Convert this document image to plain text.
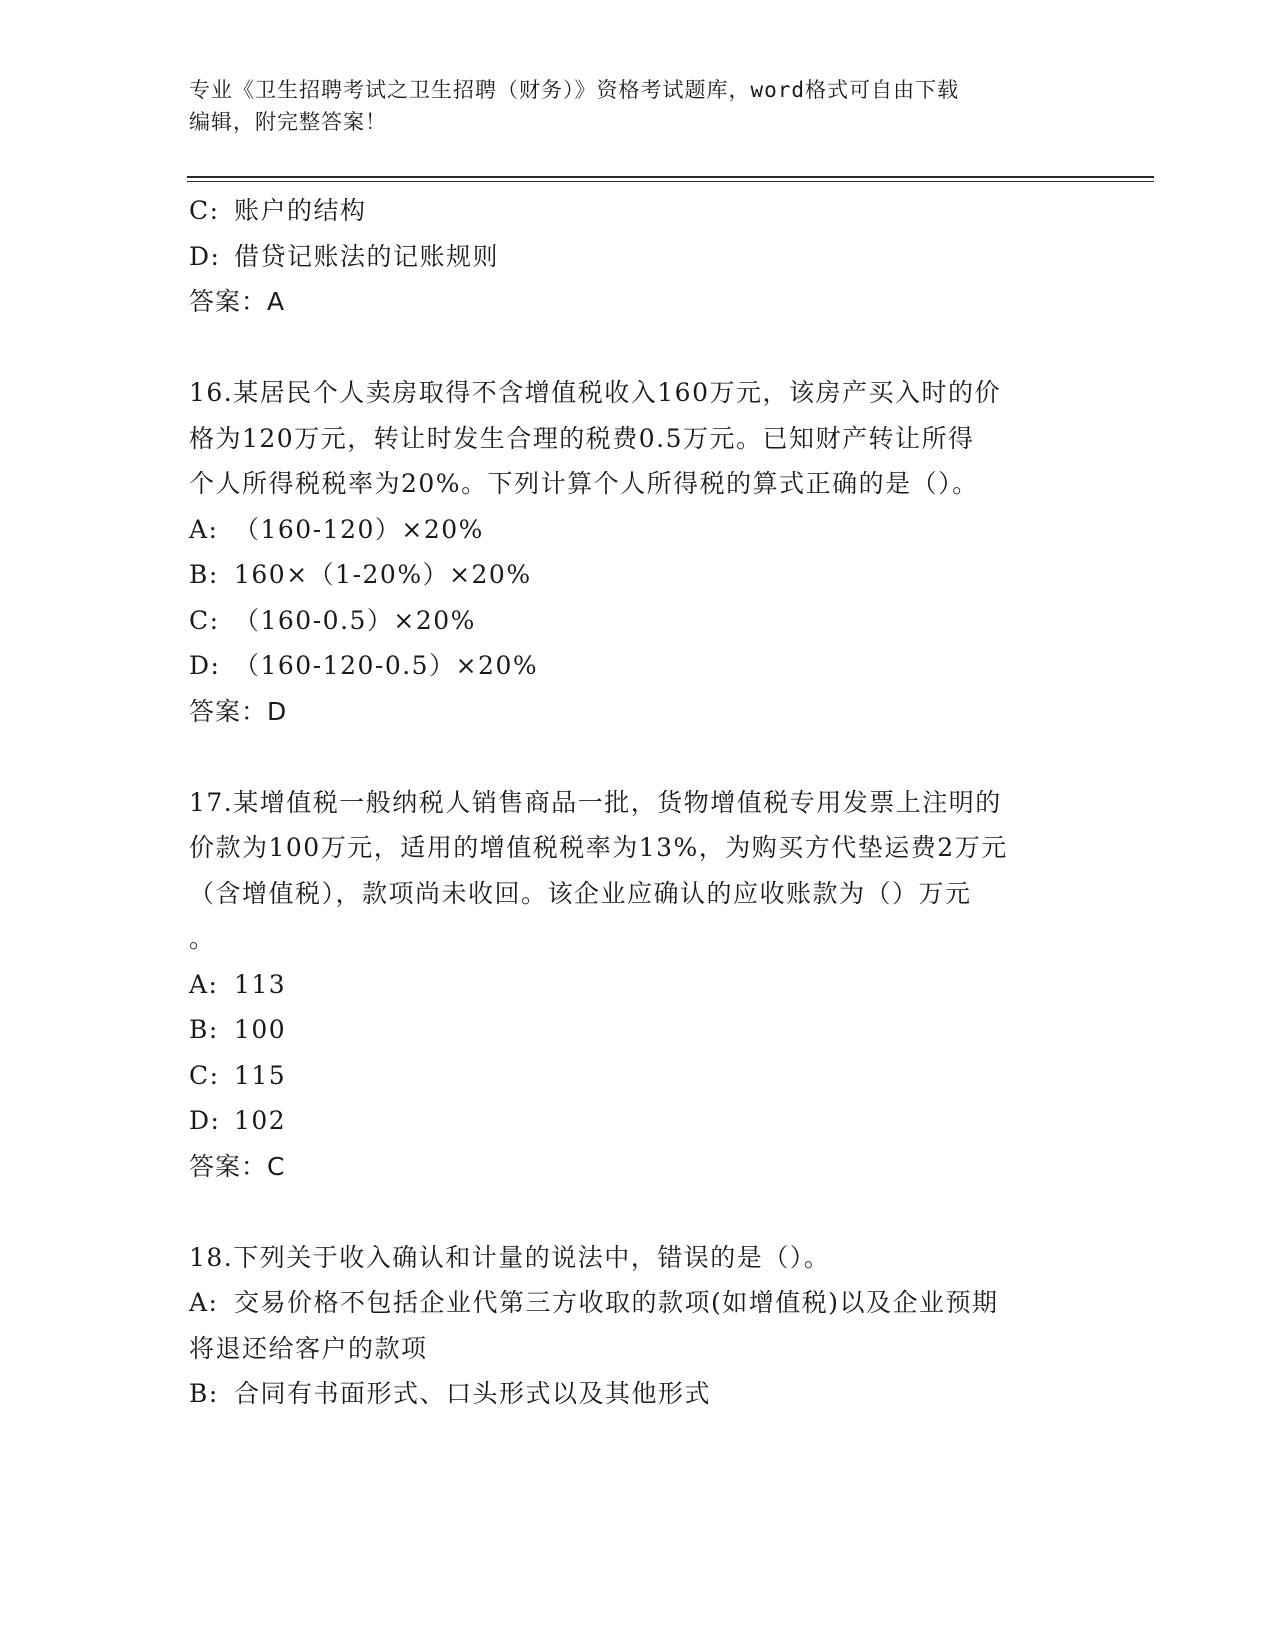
专业《卫生招聘考试之卫生招聘（财务）》资格考试题库，word格式可自由下载
编辑，附完整答案！
C: 账户的结构
D: 借贷记账法的记账规则
答案：A
16.某居民个人卖房取得不含增值税收入160万元，该房产买入时的价
格为120万元，转让时发生合理的税费0.5万元。已知财产转让所得
个人所得税税率为20%。下列计算个人所得税的算式正确的是（）。
A: （160-120）×20%
B: 160×（1-20%）×20%
C: （160-0.5）×20%
D: （160-120-0.5）×20%
答案：D
17.某增值税一般纳税人销售商品一批，货物增值税专用发票上注明的
价款为100万元，适用的增值税税率为13%，为购买方代垫运费2万元
（含增值税），款项尚未收回。该企业应确认的应收账款为（）万元
。
A: 113
B: 100
C: 115
D: 102
答案：C
18.下列关于收入确认和计量的说法中，错误的是（）。
A: 交易价格不包括企业代第三方收取的款项(如增值税)以及企业预期
将退还给客户的款项
B: 合同有书面形式、口头形式以及其他形式
